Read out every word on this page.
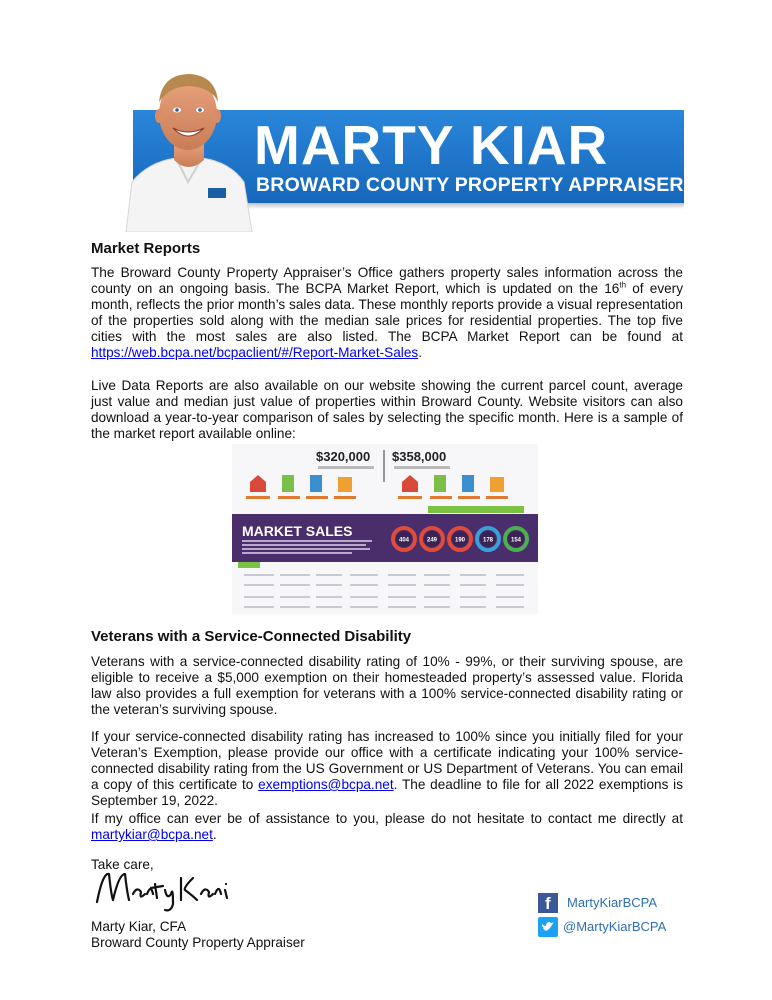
MARTY KIAR
BROWARD COUNTY PROPERTY APPRAISER
Market Reports
The Broward County Property Appraiser’s Office gathers property sales information across the county on an ongoing basis. The BCPA Market Report, which is updated on the 16th of every month, reflects the prior month’s sales data. These monthly reports provide a visual representation of the properties sold along with the median sale prices for residential properties. The top five cities with the most sales are also listed. The BCPA Market Report can be found at https://web.bcpa.net/bcpaclient/#/Report-Market-Sales.
Live Data Reports are also available on our website showing the current parcel count, average just value and median just value of properties within Broward County. Website visitors can also download a year-to-year comparison of sales by selecting the specific month. Here is a sample of the market report available online:
$320,000 $358,000
MARKET SALES
404	249	190	178	154
Veterans with a Service-Connected Disability
Veterans with a service-connected disability rating of 10% - 99%, or their surviving spouse, are eligible to receive a $5,000 exemption on their homesteaded property’s assessed value. Florida law also provides a full exemption for veterans with a 100% service-connected disability rating or the veteran’s surviving spouse.
If your service-connected disability rating has increased to 100% since you initially filed for your Veteran’s Exemption, please provide our office with a certificate indicating your 100% service-connected disability rating from the US Government or US Department of Veterans. You can email a copy of this certificate to exemptions@bcpa.net. The deadline to file for all 2022 exemptions is September 19, 2022.
If my office can ever be of assistance to you, please do not hesitate to contact me directly at martykiar@bcpa.net.
Take care,
Marty Kiar, CFA
Broward County Property Appraiser
f MartyKiarBCPA
@MartyKiarBCPA
